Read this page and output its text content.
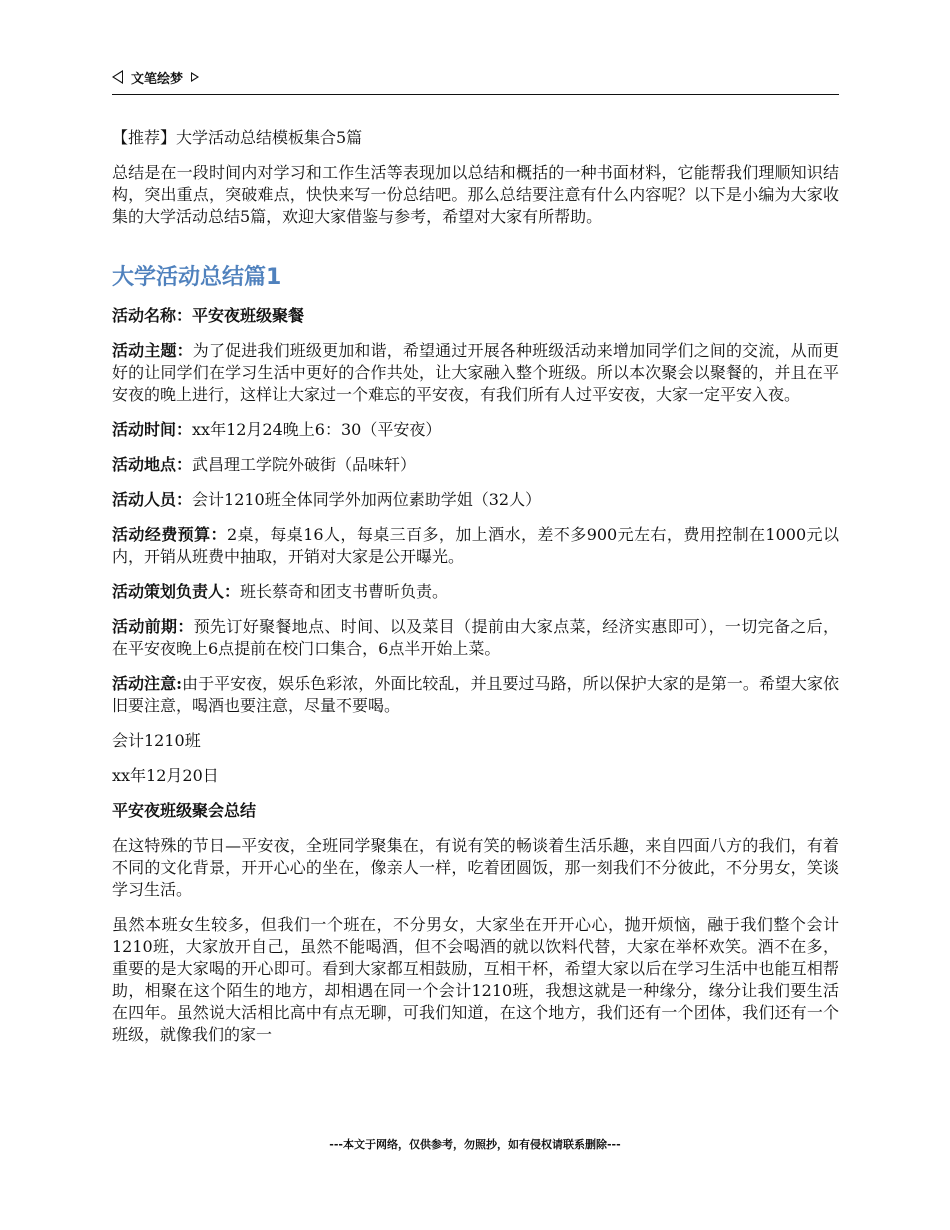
文笔绘梦
【推荐】大学活动总结模板集合5篇

总结是在一段时间内对学习和工作生活等表现加以总结和概括的一种书面材料，它能帮我们理顺知识结构，突出重点，突破难点，快快来写一份总结吧。那么总结要注意有什么内容呢？以下是小编为大家收集的大学活动总结5篇，欢迎大家借鉴与参考，希望对大家有所帮助。

大学活动总结篇1

活动名称：平安夜班级聚餐

活动主题：为了促进我们班级更加和谐，希望通过开展各种班级活动来增加同学们之间的交流，从而更好的让同学们在学习生活中更好的合作共处，让大家融入整个班级。所以本次聚会以聚餐的，并且在平安夜的晚上进行，这样让大家过一个难忘的平安夜，有我们所有人过平安夜，大家一定平安入夜。

活动时间：xx年12月24晚上6：30（平安夜）

活动地点：武昌理工学院外破街（品味轩）

活动人员：会计1210班全体同学外加两位素助学姐（32人）

活动经费预算：2桌，每桌16人，每桌三百多，加上酒水，差不多900元左右，费用控制在1000元以内，开销从班费中抽取，开销对大家是公开曝光。

活动策划负责人：班长蔡奇和团支书曹昕负责。

活动前期：预先订好聚餐地点、时间、以及菜目（提前由大家点菜，经济实惠即可），一切完备之后，在平安夜晚上6点提前在校门口集合，6点半开始上菜。

活动注意:由于平安夜，娱乐色彩浓，外面比较乱，并且要过马路，所以保护大家的是第一。希望大家依旧要注意，喝酒也要注意，尽量不要喝。

会计1210班

xx年12月20日

平安夜班级聚会总结

在这特殊的节日—平安夜，全班同学聚集在，有说有笑的畅谈着生活乐趣，来自四面八方的我们，有着不同的文化背景，开开心心的坐在，像亲人一样，吃着团圆饭，那一刻我们不分彼此，不分男女，笑谈学习生活。

虽然本班女生较多，但我们一个班在，不分男女，大家坐在开开心心，抛开烦恼，融于我们整个会计1210班，大家放开自己，虽然不能喝酒，但不会喝酒的就以饮料代替，大家在举杯欢笑。酒不在多，重要的是大家喝的开心即可。看到大家都互相鼓励，互相干杯，希望大家以后在学习生活中也能互相帮助，相聚在这个陌生的地方，却相遇在同一个会计1210班，我想这就是一种缘分，缘分让我们要生活在四年。虽然说大活相比高中有点无聊，可我们知道，在这个地方，我们还有一个团体，我们还有一个班级，就像我们的家一

---本文于网络，仅供参考，勿照抄，如有侵权请联系删除---
